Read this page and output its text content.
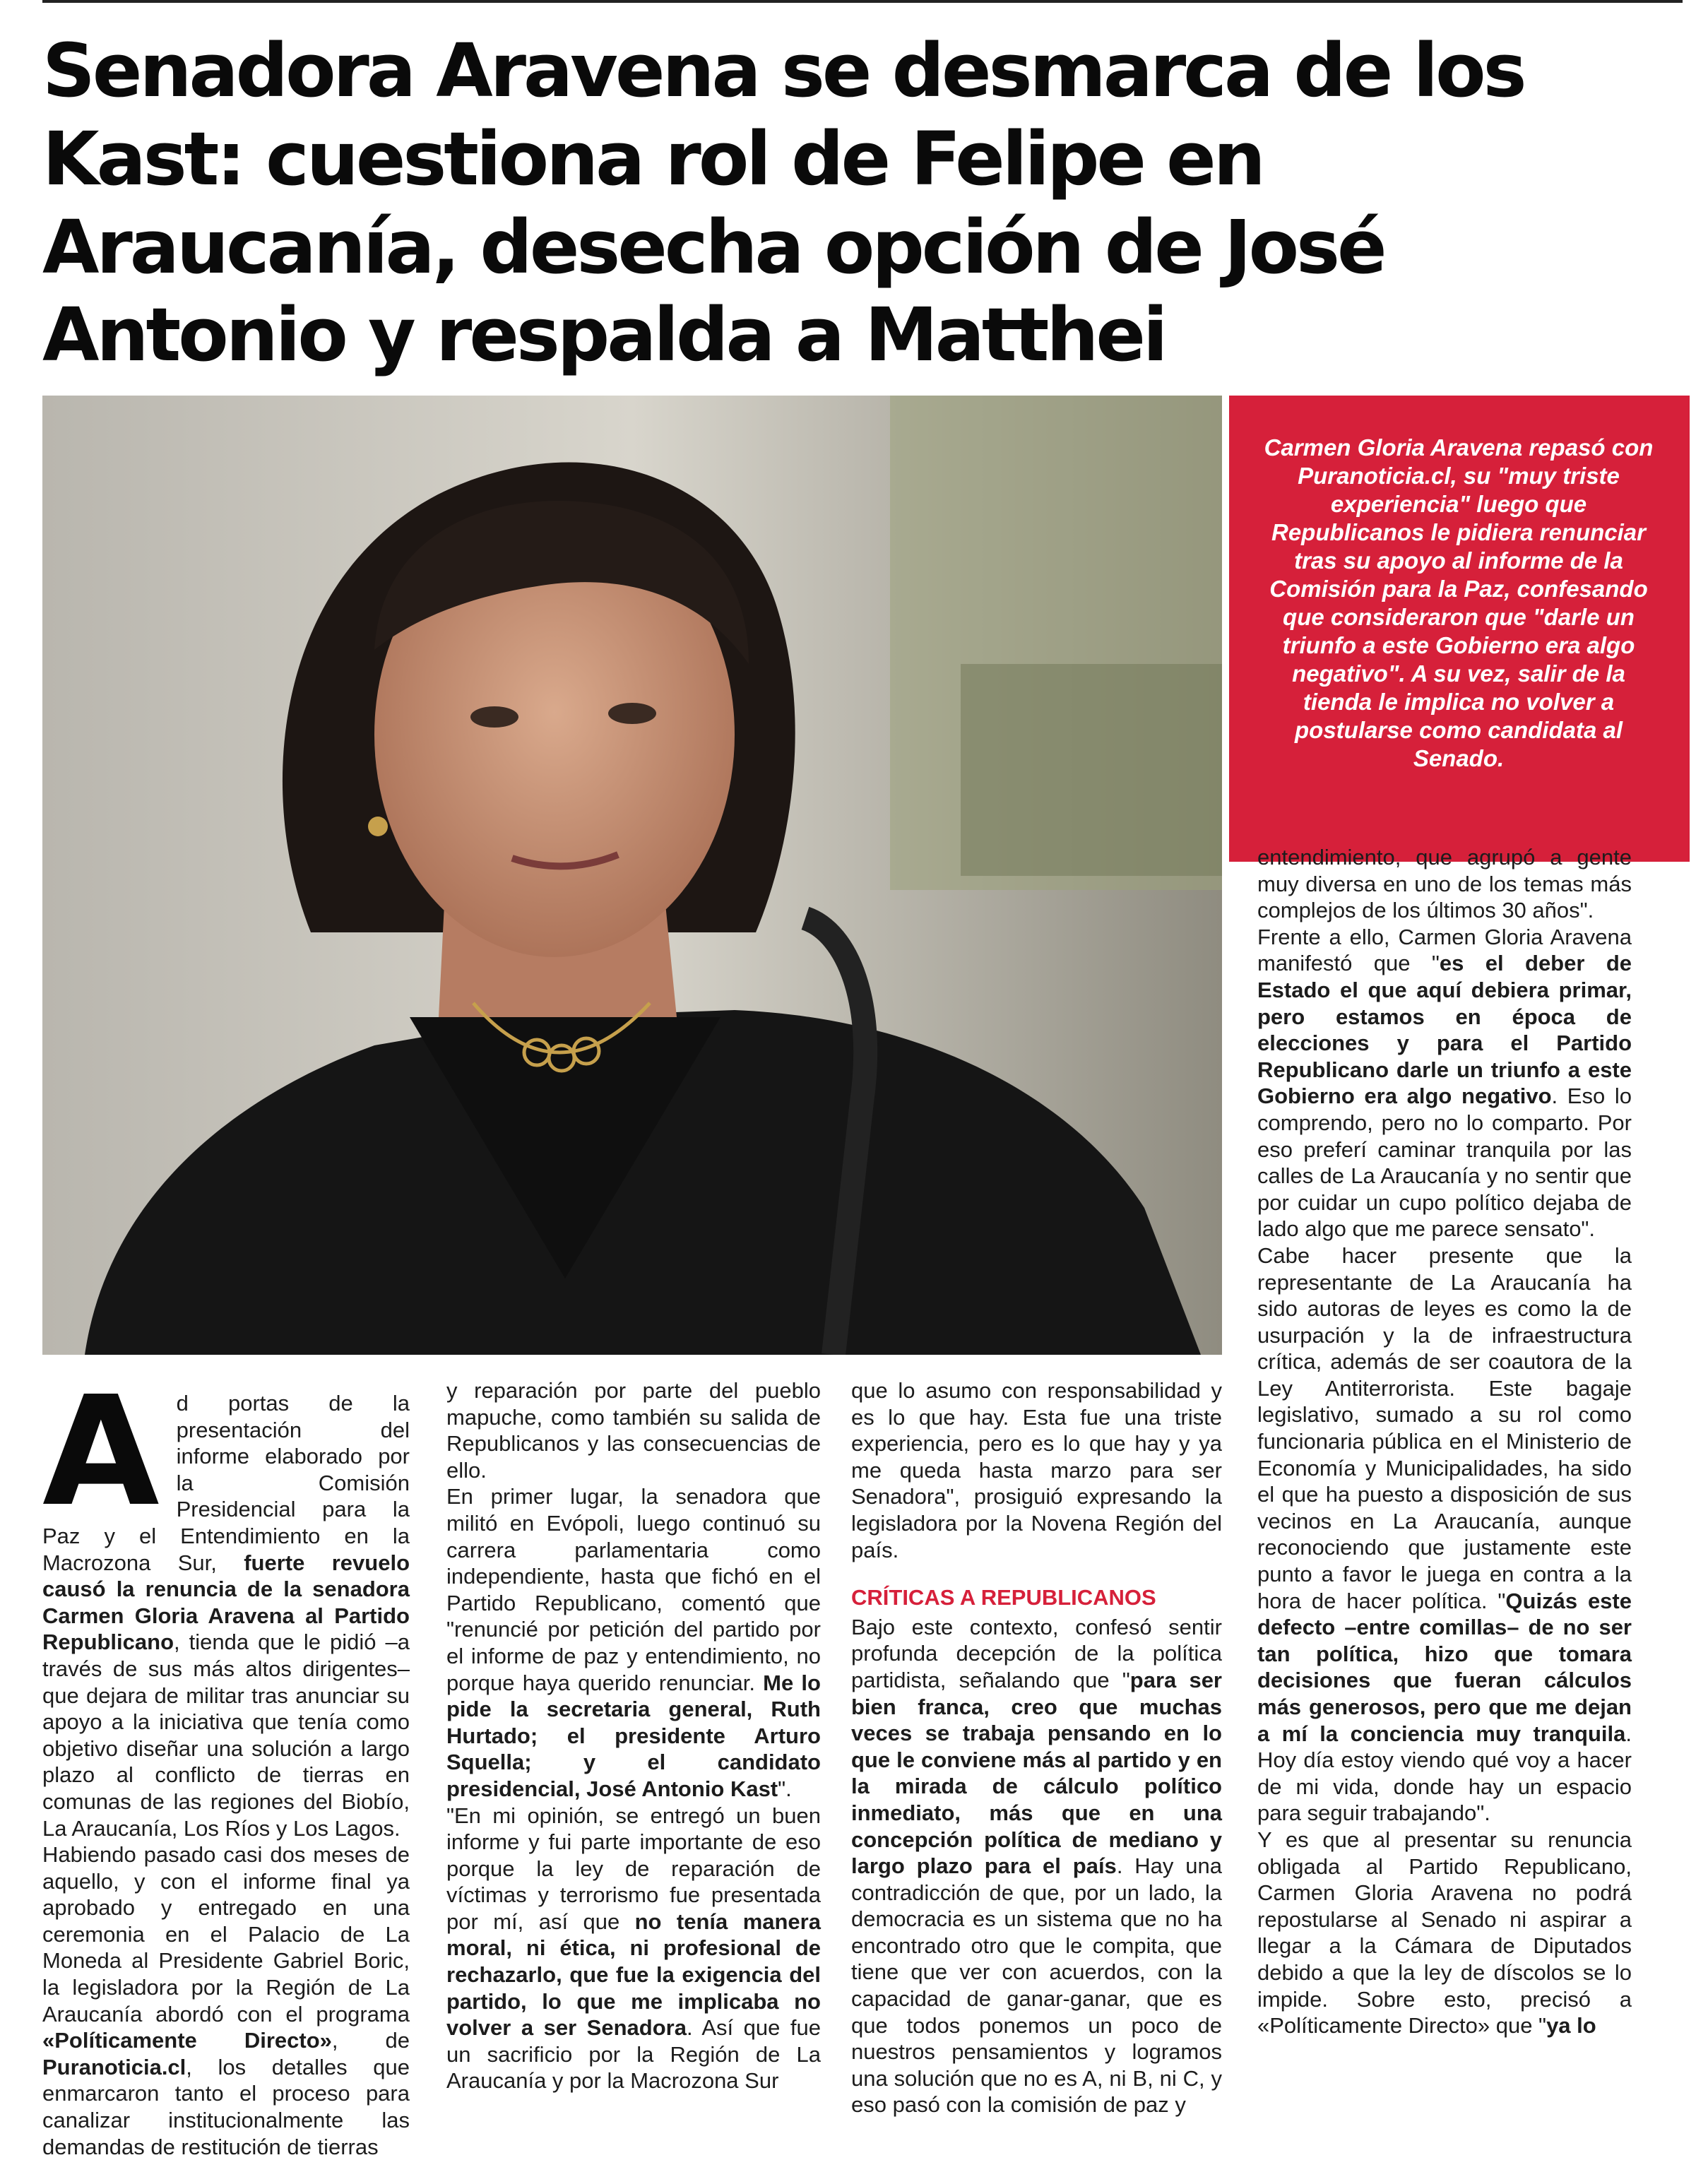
Senadora Aravena se desmarca de los Kast: cuestiona rol de Felipe en Araucanía, desecha opción de José Antonio y respalda a Matthei

Carmen Gloria Aravena repasó con Puranoticia.cl, su "muy triste experiencia" luego que Republicanos le pidiera renunciar tras su apoyo al informe de la Comisión para la Paz, confesando que consideraron que "darle un triunfo a este Gobierno era algo negativo". A su vez, salir de la tienda le implica no volver a postularse como candidata al Senado.

Ad portas de la presentación del informe elaborado por la Comisión Presidencial para la Paz y el Entendimiento en la Macrozona Sur, fuerte revuelo causó la renuncia de la senadora Carmen Gloria Aravena al Partido Republicano, tienda que le pidió –a través de sus más altos dirigentes– que dejara de militar tras anunciar su apoyo a la iniciativa que tenía como objetivo diseñar una solución a largo plazo al conflicto de tierras en comunas de las regiones del Biobío, La Araucanía, Los Ríos y Los Lagos.

Habiendo pasado casi dos meses de aquello, y con el informe final ya aprobado y entregado en una ceremonia en el Palacio de La Moneda al Presidente Gabriel Boric, la legisladora por la Región de La Araucanía abordó con el programa «Políticamente Directo», de Puranoticia.cl, los detalles que enmarcaron tanto el proceso para canalizar institucionalmente las demandas de restitución de tierras

y reparación por parte del pueblo mapuche, como también su salida de Republicanos y las consecuencias de ello.

En primer lugar, la senadora que militó en Evópoli, luego continuó su carrera parlamentaria como independiente, hasta que fichó en el Partido Republicano, comentó que "renuncié por petición del partido por el informe de paz y entendimiento, no porque haya querido renunciar. Me lo pide la secretaria general, Ruth Hurtado; el presidente Arturo Squella; y el candidato presidencial, José Antonio Kast".

"En mi opinión, se entregó un buen informe y fui parte importante de eso porque la ley de reparación de víctimas y terrorismo fue presentada por mí, así que no tenía manera moral, ni ética, ni profesional de rechazarlo, que fue la exigencia del partido, lo que me implicaba no volver a ser Senadora. Así que fue un sacrificio por la Región de La Araucanía y por la Macrozona Sur

que lo asumo con responsabilidad y es lo que hay. Esta fue una triste experiencia, pero es lo que hay y ya me queda hasta marzo para ser Senadora", prosiguió expresando la legisladora por la Novena Región del país.

CRÍTICAS A REPUBLICANOS

Bajo este contexto, confesó sentir profunda decepción de la política partidista, señalando que "para ser bien franca, creo que muchas veces se trabaja pensando en lo que le conviene más al partido y en la mirada de cálculo político inmediato, más que en una concepción política de mediano y largo plazo para el país. Hay una contradicción de que, por un lado, la democracia es un sistema que no ha encontrado otro que le compita, que tiene que ver con acuerdos, con la capacidad de ganar-ganar, que es que todos ponemos un poco de nuestros pensamientos y logramos una solución que no es A, ni B, ni C, y eso pasó con la comisión de paz y

entendimiento, que agrupó a gente muy diversa en uno de los temas más complejos de los últimos 30 años".

Frente a ello, Carmen Gloria Aravena manifestó que "es el deber de Estado el que aquí debiera primar, pero estamos en época de elecciones y para el Partido Republicano darle un triunfo a este Gobierno era algo negativo. Eso lo comprendo, pero no lo comparto. Por eso preferí caminar tranquila por las calles de La Araucanía y no sentir que por cuidar un cupo político dejaba de lado algo que me parece sensato".

Cabe hacer presente que la representante de La Araucanía ha sido autoras de leyes es como la de usurpación y la de infraestructura crítica, además de ser coautora de la Ley Antiterrorista. Este bagaje legislativo, sumado a su rol como funcionaria pública en el Ministerio de Economía y Municipalidades, ha sido el que ha puesto a disposición de sus vecinos en La Araucanía, aunque reconociendo que justamente este punto a favor le juega en contra a la hora de hacer política. "Quizás este defecto –entre comillas– de no ser tan política, hizo que tomara decisiones que fueran cálculos más generosos, pero que me dejan a mí la conciencia muy tranquila. Hoy día estoy viendo qué voy a hacer de mi vida, donde hay un espacio para seguir trabajando".

Y es que al presentar su renuncia obligada al Partido Republicano, Carmen Gloria Aravena no podrá repostularse al Senado ni aspirar a llegar a la Cámara de Diputados debido a que la ley de díscolos se lo impide. Sobre esto, precisó a «Políticamente Directo» que "ya lo
